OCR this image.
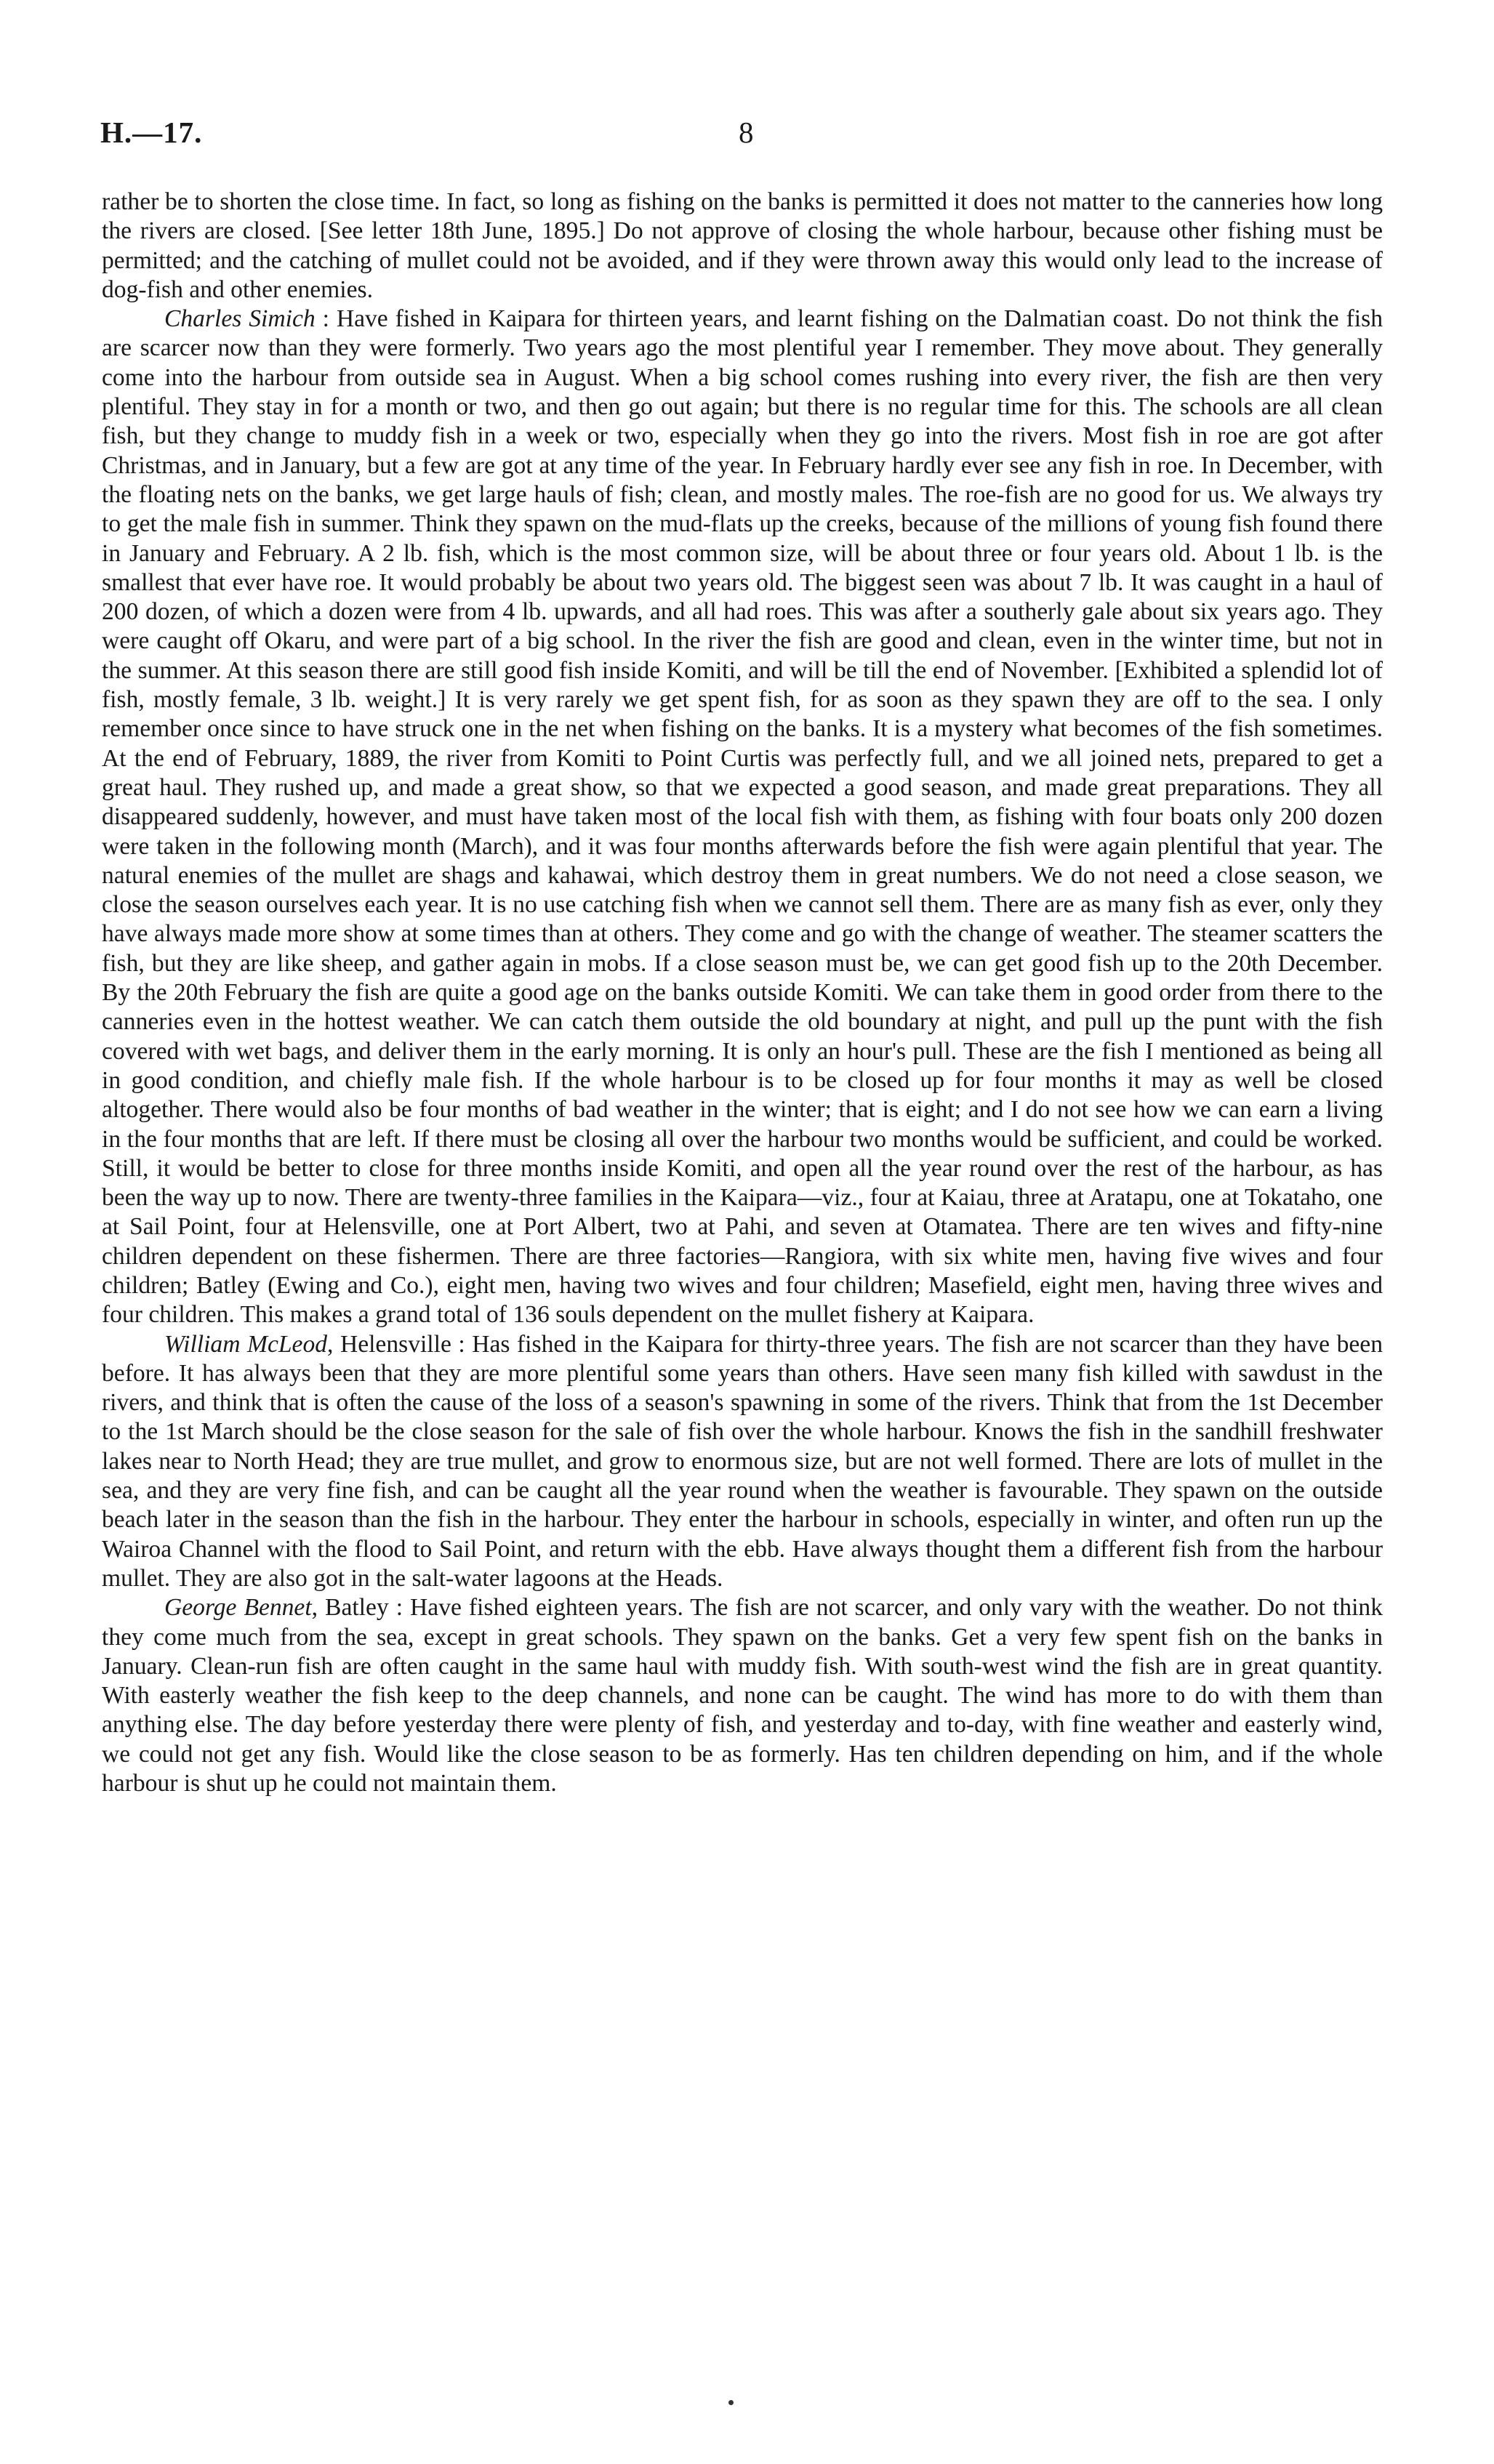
H.—17.	8

rather be to shorten the close time. In fact, so long as fishing on the banks is permitted it does not matter to the canneries how long the rivers are closed. [See letter 18th June, 1895.] Do not approve of closing the whole harbour, because other fishing must be permitted; and the catching of mullet could not be avoided, and if they were thrown away this would only lead to the increase of dog-fish and other enemies.

Charles Simich : Have fished in Kaipara for thirteen years, and learnt fishing on the Dalmatian coast. Do not think the fish are scarcer now than they were formerly. Two years ago the most plentiful year I remember. They move about. They generally come into the harbour from outside sea in August. When a big school comes rushing into every river, the fish are then very plentiful. They stay in for a month or two, and then go out again; but there is no regular time for this. The schools are all clean fish, but they change to muddy fish in a week or two, especially when they go into the rivers. Most fish in roe are got after Christmas, and in January, but a few are got at any time of the year. In February hardly ever see any fish in roe. In December, with the floating nets on the banks, we get large hauls of fish; clean, and mostly males. The roe-fish are no good for us. We always try to get the male fish in summer. Think they spawn on the mud-flats up the creeks, because of the millions of young fish found there in January and February. A 2 lb. fish, which is the most common size, will be about three or four years old. About 1 lb. is the smallest that ever have roe. It would probably be about two years old. The biggest seen was about 7 lb. It was caught in a haul of 200 dozen, of which a dozen were from 4 lb. upwards, and all had roes. This was after a southerly gale about six years ago. They were caught off Okaru, and were part of a big school. In the river the fish are good and clean, even in the winter time, but not in the summer. At this season there are still good fish inside Komiti, and will be till the end of November. [Exhibited a splendid lot of fish, mostly female, 3 lb. weight.] It is very rarely we get spent fish, for as soon as they spawn they are off to the sea. I only remember once since to have struck one in the net when fishing on the banks. It is a mystery what becomes of the fish sometimes. At the end of February, 1889, the river from Komiti to Point Curtis was perfectly full, and we all joined nets, prepared to get a great haul. They rushed up, and made a great show, so that we expected a good season, and made great preparations. They all disappeared suddenly, however, and must have taken most of the local fish with them, as fishing with four boats only 200 dozen were taken in the following month (March), and it was four months afterwards before the fish were again plentiful that year. The natural enemies of the mullet are shags and kahawai, which destroy them in great numbers. We do not need a close season, we close the season ourselves each year. It is no use catching fish when we cannot sell them. There are as many fish as ever, only they have always made more show at some times than at others. They come and go with the change of weather. The steamer scatters the fish, but they are like sheep, and gather again in mobs. If a close season must be, we can get good fish up to the 20th December. By the 20th February the fish are quite a good age on the banks outside Komiti. We can take them in good order from there to the canneries even in the hottest weather. We can catch them outside the old boundary at night, and pull up the punt with the fish covered with wet bags, and deliver them in the early morning. It is only an hour's pull. These are the fish I mentioned as being all in good condition, and chiefly male fish. If the whole harbour is to be closed up for four months it may as well be closed altogether. There would also be four months of bad weather in the winter; that is eight; and I do not see how we can earn a living in the four months that are left. If there must be closing all over the harbour two months would be sufficient, and could be worked. Still, it would be better to close for three months inside Komiti, and open all the year round over the rest of the harbour, as has been the way up to now. There are twenty-three families in the Kaipara—viz., four at Kaiau, three at Aratapu, one at Tokataho, one at Sail Point, four at Helensville, one at Port Albert, two at Pahi, and seven at Otamatea. There are ten wives and fifty-nine children dependent on these fishermen. There are three factories—Rangiora, with six white men, having five wives and four children; Batley (Ewing and Co.), eight men, having two wives and four children; Masefield, eight men, having three wives and four children. This makes a grand total of 136 souls dependent on the mullet fishery at Kaipara.

William McLeod, Helensville : Has fished in the Kaipara for thirty-three years. The fish are not scarcer than they have been before. It has always been that they are more plentiful some years than others. Have seen many fish killed with sawdust in the rivers, and think that is often the cause of the loss of a season's spawning in some of the rivers. Think that from the 1st December to the 1st March should be the close season for the sale of fish over the whole harbour. Knows the fish in the sandhill freshwater lakes near to North Head; they are true mullet, and grow to enormous size, but are not well formed. There are lots of mullet in the sea, and they are very fine fish, and can be caught all the year round when the weather is favourable. They spawn on the outside beach later in the season than the fish in the harbour. They enter the harbour in schools, especially in winter, and often run up the Wairoa Channel with the flood to Sail Point, and return with the ebb. Have always thought them a different fish from the harbour mullet. They are also got in the salt-water lagoons at the Heads.

George Bennet, Batley : Have fished eighteen years. The fish are not scarcer, and only vary with the weather. Do not think they come much from the sea, except in great schools. They spawn on the banks. Get a very few spent fish on the banks in January. Clean-run fish are often caught in the same haul with muddy fish. With south-west wind the fish are in great quantity. With easterly weather the fish keep to the deep channels, and none can be caught. The wind has more to do with them than anything else. The day before yesterday there were plenty of fish, and yesterday and to-day, with fine weather and easterly wind, we could not get any fish. Would like the close season to be as formerly. Has ten children depending on him, and if the whole harbour is shut up he could not maintain them.
